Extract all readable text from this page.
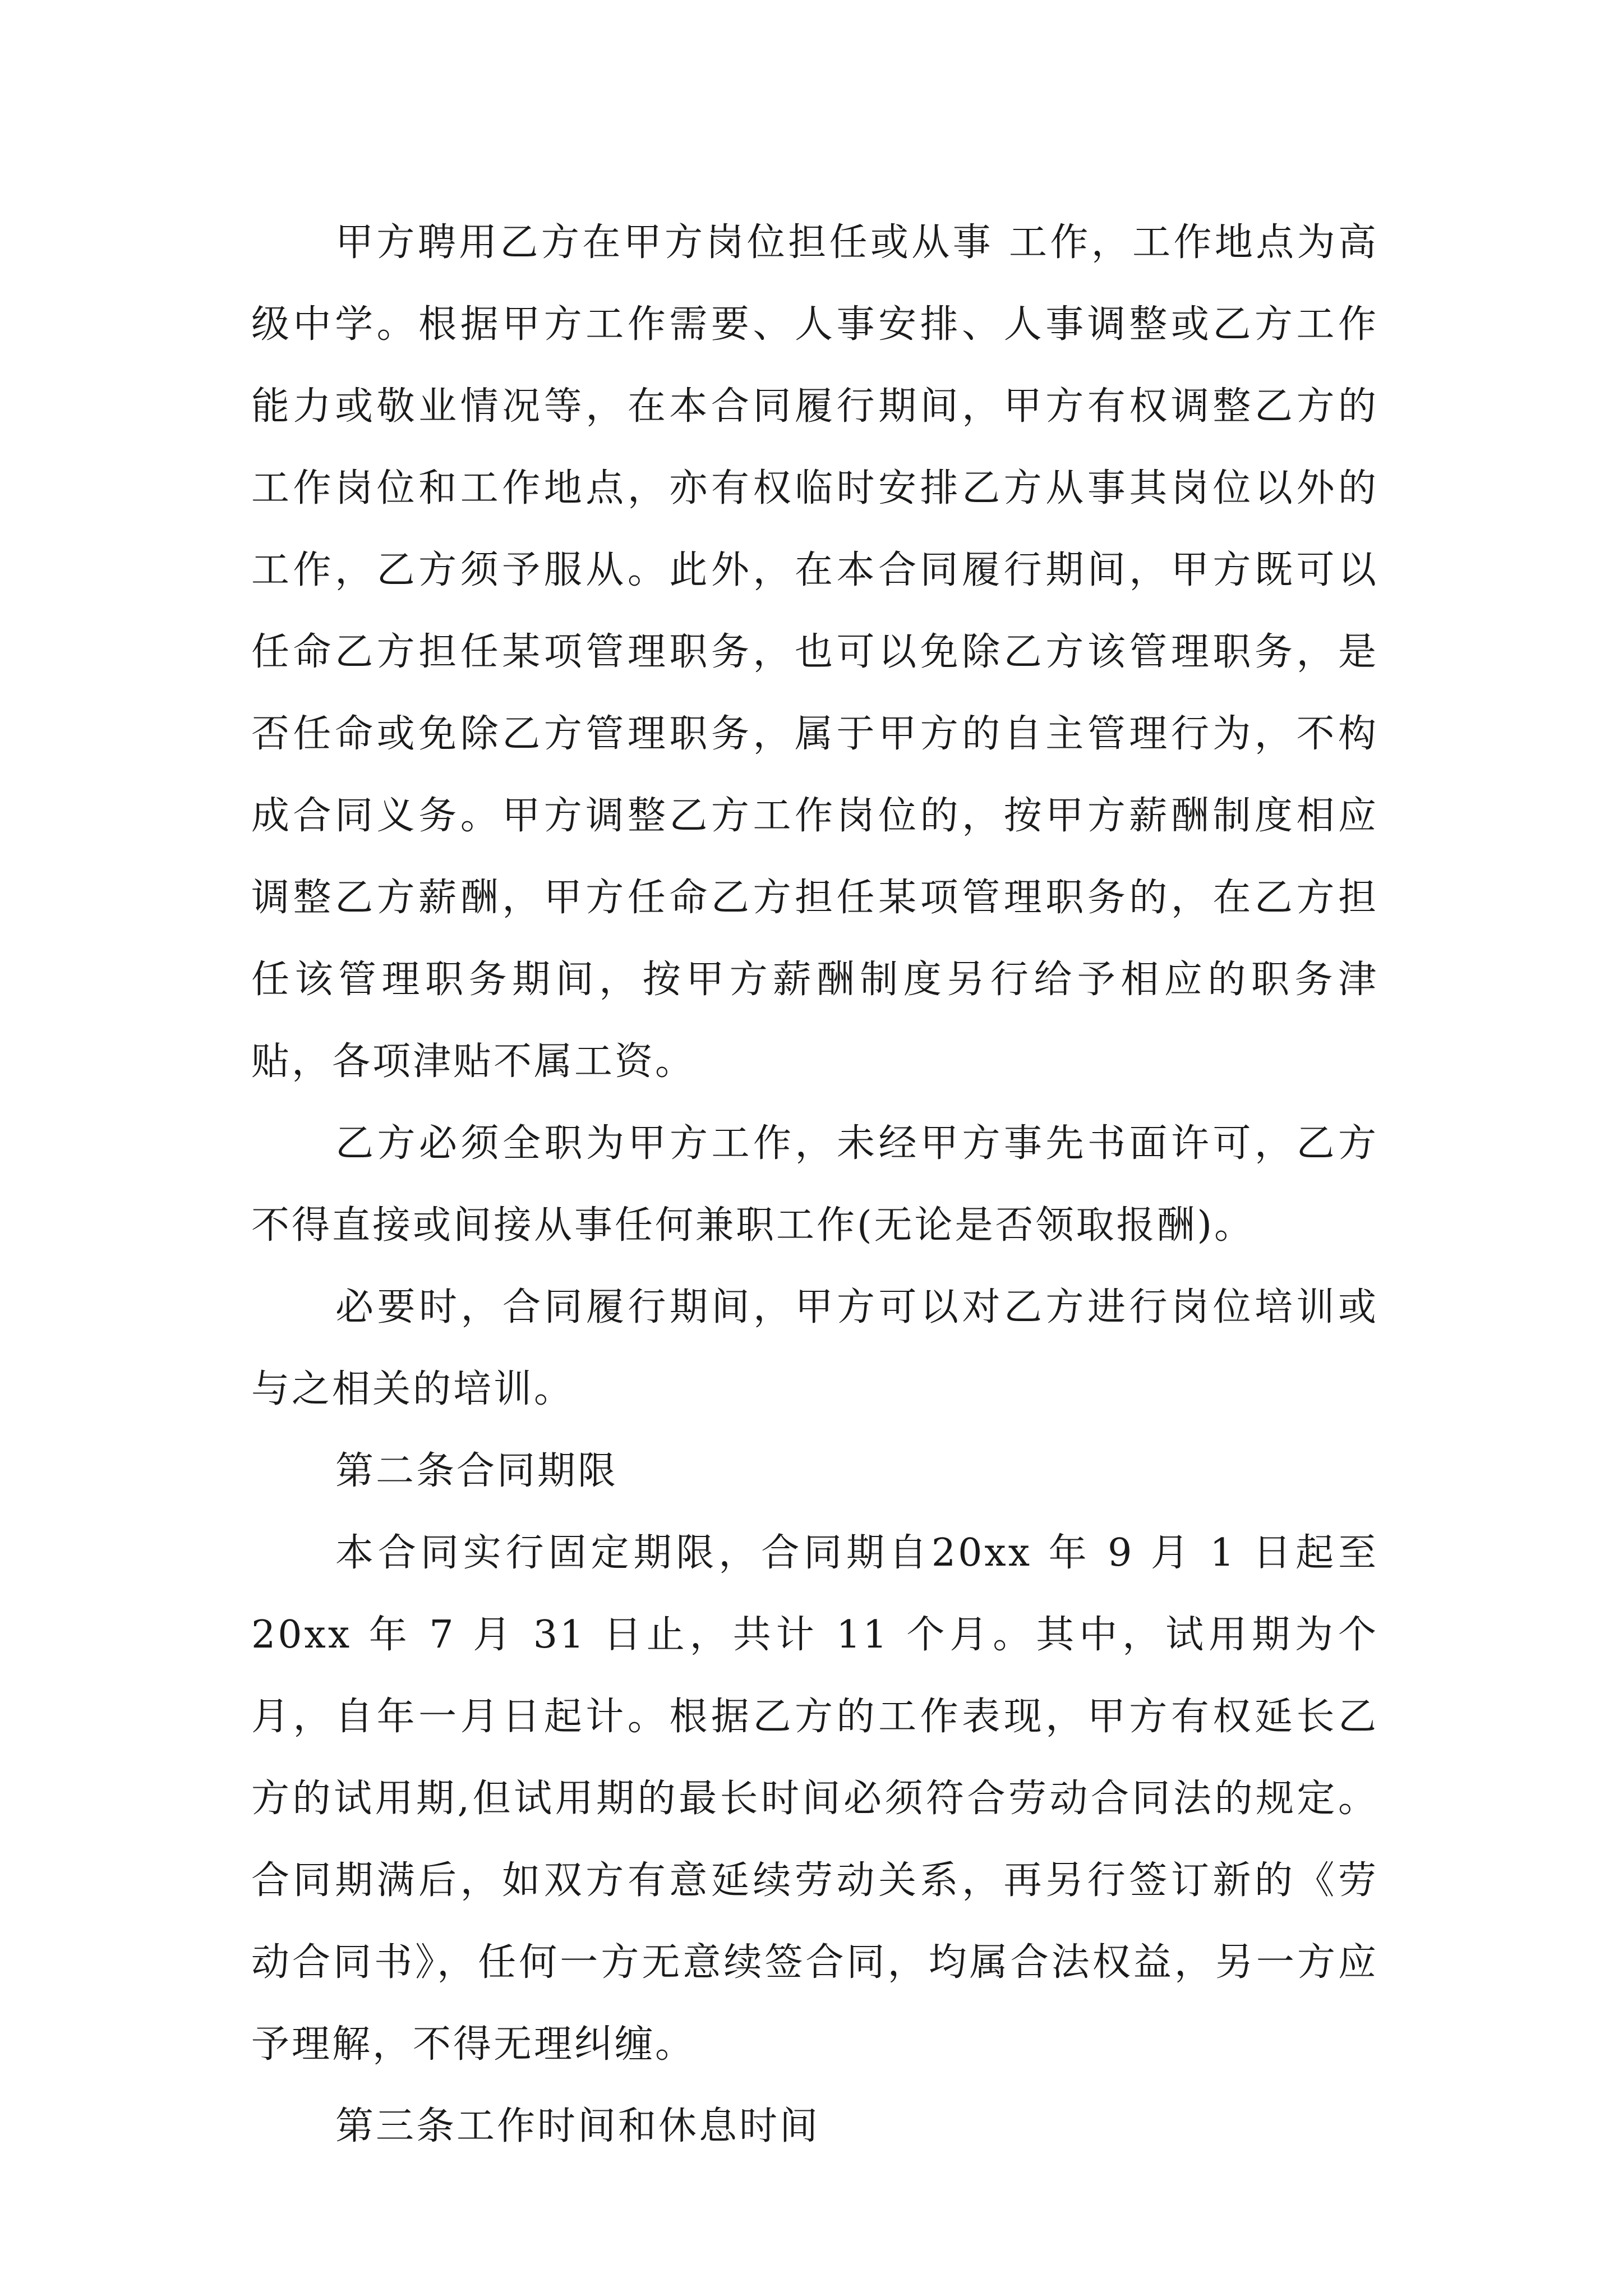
甲方聘用乙方在甲方岗位担任或从事 工作，工作地点为高级中学。根据甲方工作需要、人事安排、人事调整或乙方工作能力或敬业情况等，在本合同履行期间，甲方有权调整乙方的工作岗位和工作地点，亦有权临时安排乙方从事其岗位以外的工作，乙方须予服从。此外，在本合同履行期间，甲方既可以任命乙方担任某项管理职务，也可以免除乙方该管理职务，是否任命或免除乙方管理职务，属于甲方的自主管理行为，不构成合同义务。甲方调整乙方工作岗位的，按甲方薪酬制度相应调整乙方薪酬，甲方任命乙方担任某项管理职务的，在乙方担任该管理职务期间，按甲方薪酬制度另行给予相应的职务津贴，各项津贴不属工资。

乙方必须全职为甲方工作，未经甲方事先书面许可，乙方不得直接或间接从事任何兼职工作(无论是否领取报酬)。

必要时，合同履行期间，甲方可以对乙方进行岗位培训或与之相关的培训。

第二条合同期限

本合同实行固定期限，合同期自20xx 年 9 月 1 日起至20xx 年 7 月 31 日止，共计 11 个月。其中，试用期为个月，自年一月日起计。根据乙方的工作表现，甲方有权延长乙方的试用期,但试用期的最长时间必须符合劳动合同法的规定。合同期满后，如双方有意延续劳动关系，再另行签订新的《劳动合同书》，任何一方无意续签合同，均属合法权益，另一方应予理解，不得无理纠缠。

第三条工作时间和休息时间
